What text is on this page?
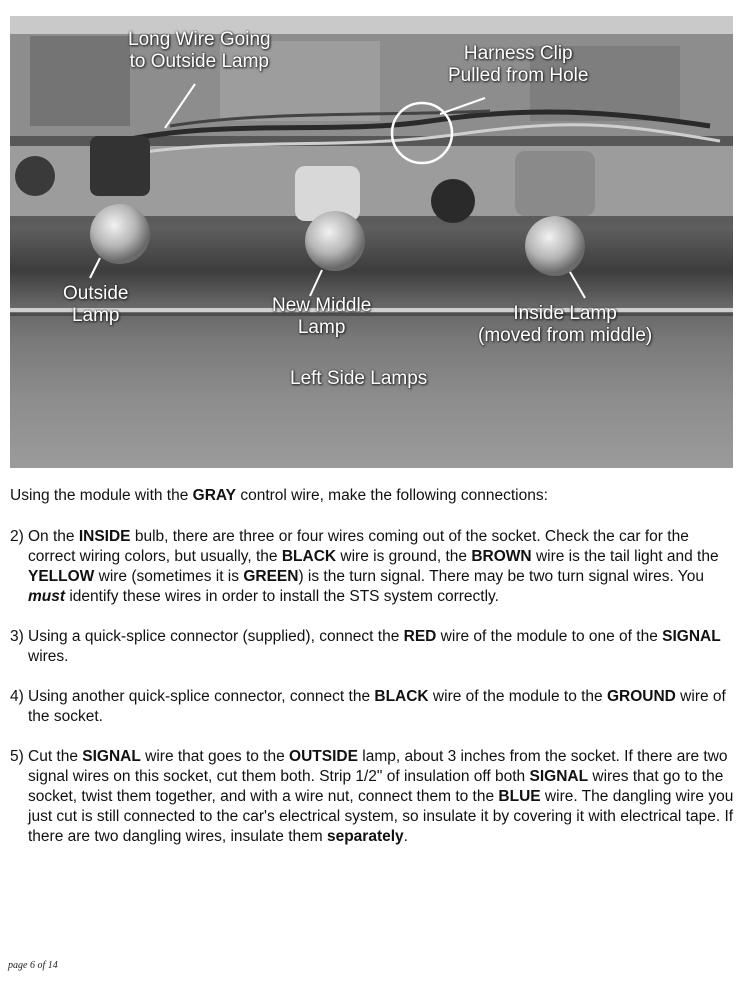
Long Wire Going
to Outside Lamp	Harness Clip
Pulled from Hole
Outside
Lamp	New Middle
Lamp
Inside Lamp
(moved from middle)
Left Side Lamps

Using the module with the GRAY control wire, make the following connections:

2) On the INSIDE bulb, there are three or four wires coming out of the socket. Check the car for the correct wiring colors, but usually, the BLACK wire is ground, the BROWN wire is the tail light and the YELLOW wire (sometimes it is GREEN) is the turn signal. There may be two turn signal wires. You must identify these wires in order to install the STS system correctly.
3) Using a quick-splice connector (supplied), connect the RED wire of the module to one of the SIGNAL wires.
4) Using another quick-splice connector, connect the BLACK wire of the module to the GROUND wire of the socket.
5) Cut the SIGNAL wire that goes to the OUTSIDE lamp, about 3 inches from the socket. If there are two signal wires on this socket, cut them both. Strip 1/2" of insulation off both SIGNAL wires that go to the socket, twist them together, and with a wire nut, connect them to the BLUE wire. The dangling wire you just cut is still connected to the car's electrical system, so insulate it by covering it with electrical tape. If there are two dangling wires, insulate them separately.
page 6 of 14
